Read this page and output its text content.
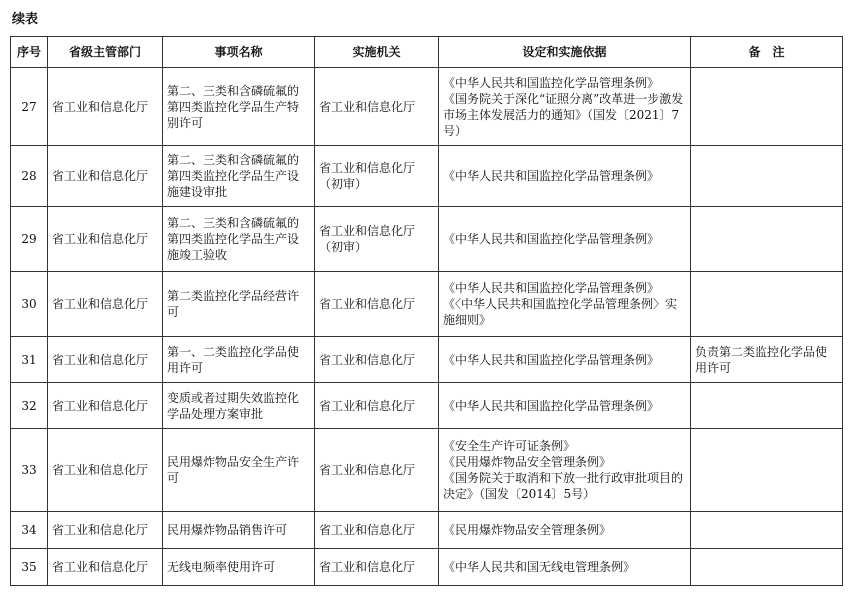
续表
序号	省级主管部门	事项名称	实施机关	设定和实施依据	备　注
27	省工业和信息化厅	第二、三类和含磷硫氟的第四类监控化学品生产特别许可	省工业和信息化厅	《中华人民共和国监控化学品管理条例》
《国务院关于深化“证照分离”改革进一步激发市场主体发展活力的通知》（国发〔2021〕7号）	

28	省工业和信息化厅	第二、三类和含磷硫氟的第四类监控化学品生产设施建设审批	省工业和信息化厅（初审）	《中华人民共和国监控化学品管理条例》	

29	省工业和信息化厅	第二、三类和含磷硫氟的第四类监控化学品生产设施竣工验收	省工业和信息化厅（初审）	《中华人民共和国监控化学品管理条例》	

30	省工业和信息化厅	第二类监控化学品经营许可	省工业和信息化厅	《中华人民共和国监控化学品管理条例》
《〈中华人民共和国监控化学品管理条例〉实施细则》	

31	省工业和信息化厅	第一、二类监控化学品使用许可	省工业和信息化厅	《中华人民共和国监控化学品管理条例》	负责第二类监控化学品使用许可
32	省工业和信息化厅	变质或者过期失效监控化学品处理方案审批	省工业和信息化厅	《中华人民共和国监控化学品管理条例》	

33	省工业和信息化厅	民用爆炸物品安全生产许可	省工业和信息化厅	《安全生产许可证条例》
《民用爆炸物品安全管理条例》
《国务院关于取消和下放一批行政审批项目的决定》（国发〔2014〕5号）	

34	省工业和信息化厅	民用爆炸物品销售许可	省工业和信息化厅	《民用爆炸物品安全管理条例》	

35	省工业和信息化厅	无线电频率使用许可	省工业和信息化厅	《中华人民共和国无线电管理条例》	
